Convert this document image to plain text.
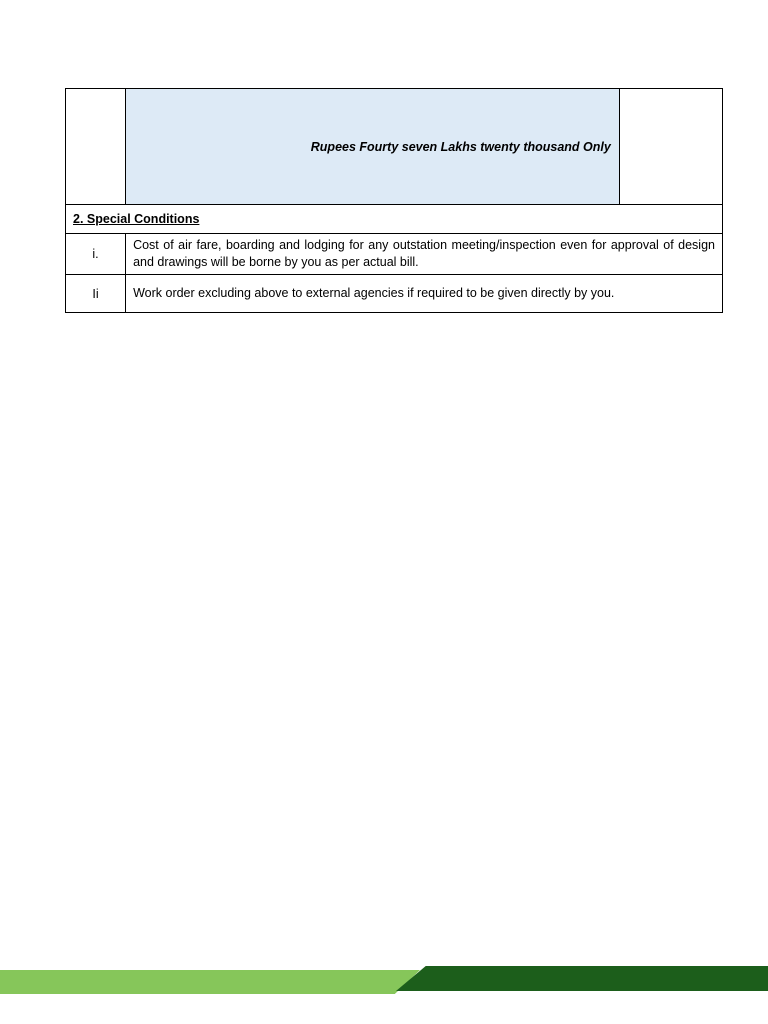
	Rupees Fourty seven Lakhs twenty thousand Only	
2. Special Conditions		
i.	Cost of air fare, boarding and lodging for any outstation meeting/inspection even for approval of design and drawings will be borne by you as per actual bill.	
Ii	Work order excluding above to external agencies if required to be given directly by you.	
